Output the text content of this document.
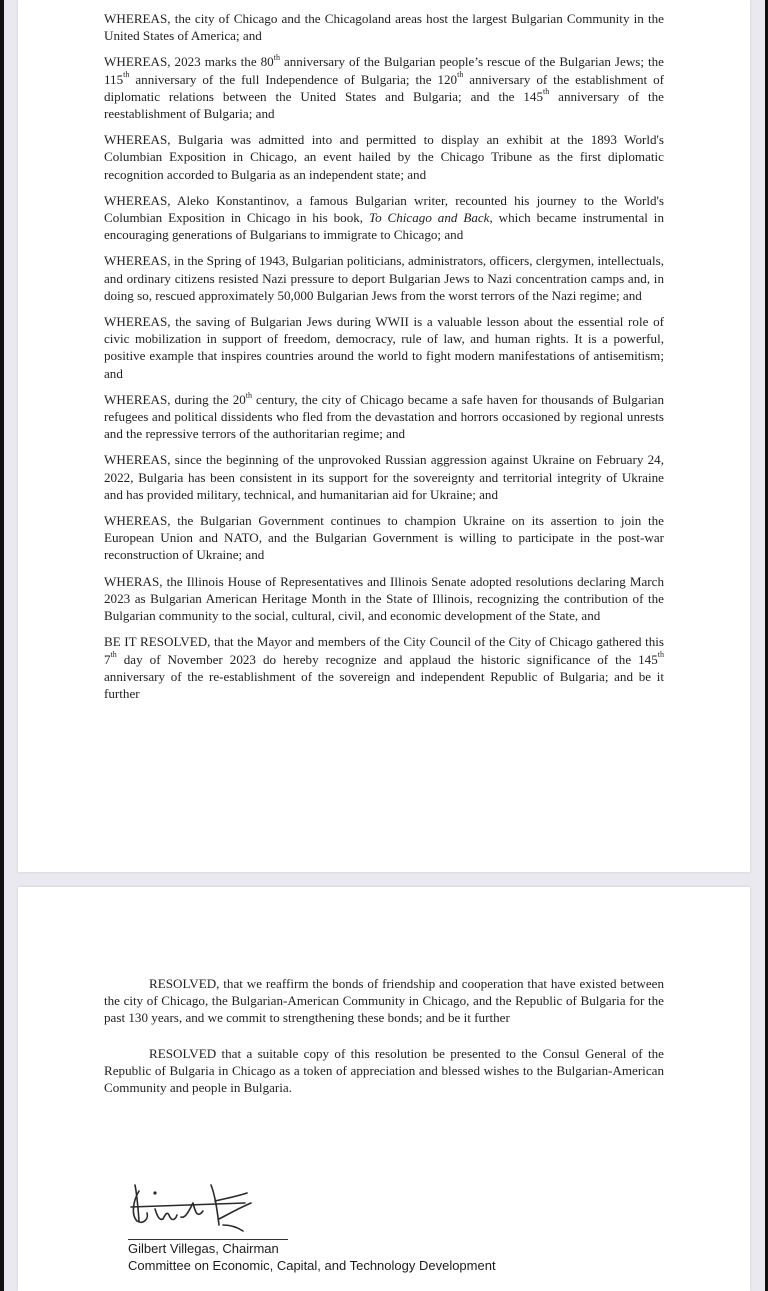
WHEREAS, the city of Chicago and the Chicagoland areas host the largest Bulgarian Community in the United States of America; and

WHEREAS, 2023 marks the 80th anniversary of the Bulgarian people’s rescue of the Bulgarian Jews; the 115th anniversary of the full Independence of Bulgaria; the 120th anniversary of the establishment of diplomatic relations between the United States and Bulgaria; and the 145th anniversary of the reestablishment of Bulgaria; and

WHEREAS, Bulgaria was admitted into and permitted to display an exhibit at the 1893 World's Columbian Exposition in Chicago, an event hailed by the Chicago Tribune as the first diplomatic recognition accorded to Bulgaria as an independent state; and

WHEREAS, Aleko Konstantinov, a famous Bulgarian writer, recounted his journey to the World's Columbian Exposition in Chicago in his book, To Chicago and Back, which became instrumental in encouraging generations of Bulgarians to immigrate to Chicago; and

WHEREAS, in the Spring of 1943, Bulgarian politicians, administrators, officers, clergymen, intellectuals, and ordinary citizens resisted Nazi pressure to deport Bulgarian Jews to Nazi concentration camps and, in doing so, rescued approximately 50,000 Bulgarian Jews from the worst terrors of the Nazi regime; and

WHEREAS, the saving of Bulgarian Jews during WWII is a valuable lesson about the essential role of civic mobilization in support of freedom, democracy, rule of law, and human rights. It is a powerful, positive example that inspires countries around the world to fight modern manifestations of antisemitism; and

WHEREAS, during the 20th century, the city of Chicago became a safe haven for thousands of Bulgarian refugees and political dissidents who fled from the devastation and horrors occasioned by regional unrests and the repressive terrors of the authoritarian regime; and

WHEREAS, since the beginning of the unprovoked Russian aggression against Ukraine on February 24, 2022, Bulgaria has been consistent in its support for the sovereignty and territorial integrity of Ukraine and has provided military, technical, and humanitarian aid for Ukraine; and

WHEREAS, the Bulgarian Government continues to champion Ukraine on its assertion to join the European Union and NATO, and the Bulgarian Government is willing to participate in the post-war reconstruction of Ukraine; and

WHERAS, the Illinois House of Representatives and Illinois Senate adopted resolutions declaring March 2023 as Bulgarian American Heritage Month in the State of Illinois, recognizing the contribution of the Bulgarian community to the social, cultural, civil, and economic development of the State, and

BE IT RESOLVED, that the Mayor and members of the City Council of the City of Chicago gathered this 7th day of November 2023 do hereby recognize and applaud the historic significance of the 145th anniversary of the re-establishment of the sovereign and independent Republic of Bulgaria; and be it further

RESOLVED, that we reaffirm the bonds of friendship and cooperation that have existed between the city of Chicago, the Bulgarian-American Community in Chicago, and the Republic of Bulgaria for the past 130 years, and we commit to strengthening these bonds; and be it further

RESOLVED that a suitable copy of this resolution be presented to the Consul General of the Republic of Bulgaria in Chicago as a token of appreciation and blessed wishes to the Bulgarian-American Community and people in Bulgaria.

Gilbert Villegas, Chairman
Committee on Economic, Capital, and Technology Development
